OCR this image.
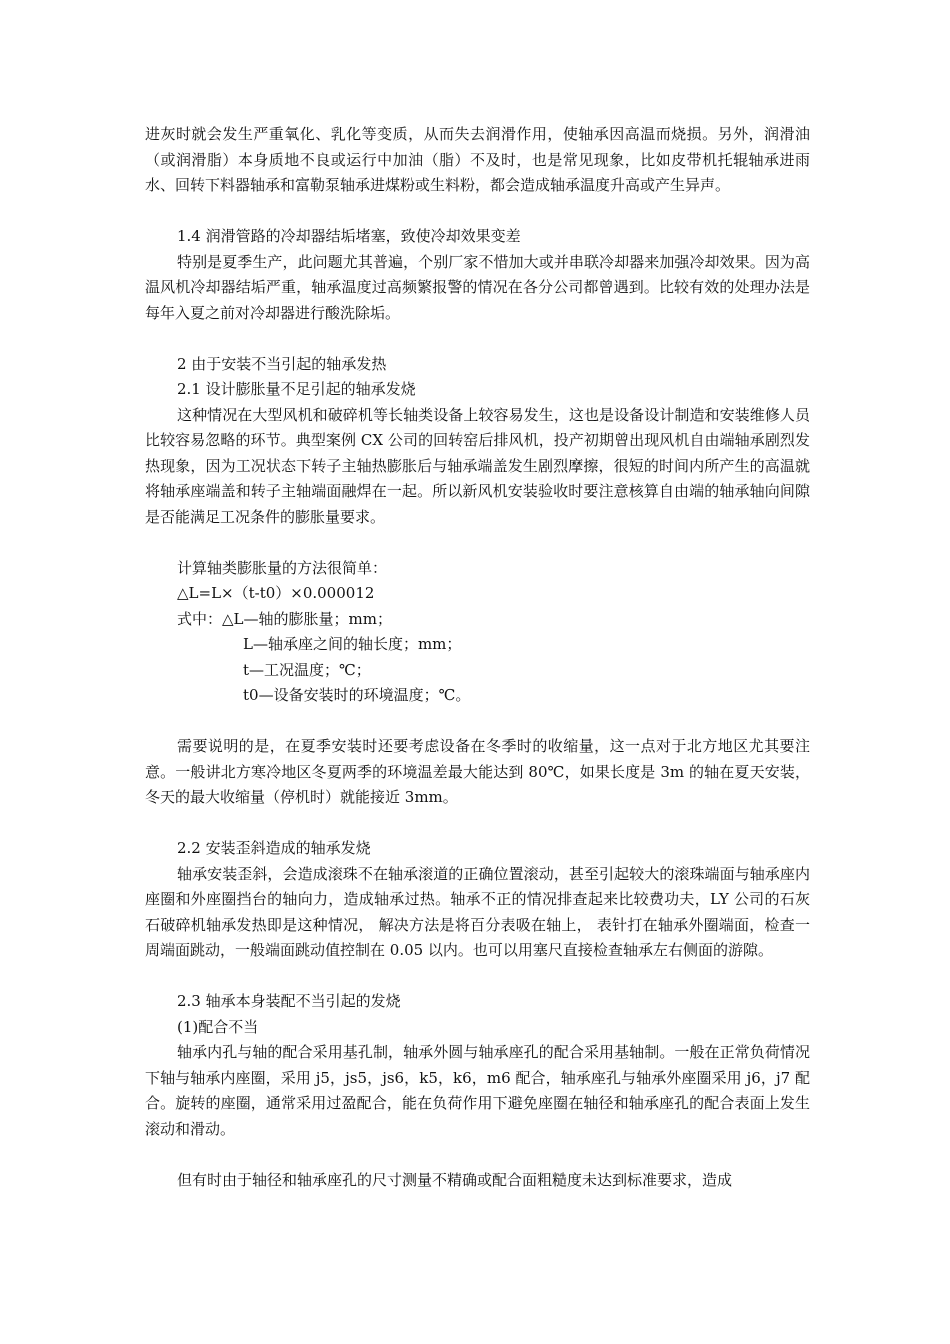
进灰时就会发生严重氧化、乳化等变质，从而失去润滑作用，使轴承因高温而烧损。另外，润滑油（或润滑脂）本身质地不良或运行中加油（脂）不及时，也是常见现象，比如皮带机托辊轴承进雨水、回转下料器轴承和富勒泵轴承进煤粉或生料粉，都会造成轴承温度升高或产生异声。

1.4 润滑管路的冷却器结垢堵塞，致使冷却效果变差

特别是夏季生产，此问题尤其普遍，个别厂家不惜加大或并串联冷却器来加强冷却效果。因为高温风机冷却器结垢严重，轴承温度过高频繁报警的情况在各分公司都曾遇到。比较有效的处理办法是每年入夏之前对冷却器进行酸洗除垢。

2 由于安装不当引起的轴承发热

2.1 设计膨胀量不足引起的轴承发烧

这种情况在大型风机和破碎机等长轴类设备上较容易发生，这也是设备设计制造和安装维修人员比较容易忽略的环节。典型案例 CX 公司的回转窑后排风机，投产初期曾出现风机自由端轴承剧烈发热现象，因为工况状态下转子主轴热膨胀后与轴承端盖发生剧烈摩擦，很短的时间内所产生的高温就将轴承座端盖和转子主轴端面融焊在一起。所以新风机安装验收时要注意核算自由端的轴承轴向间隙是否能满足工况条件的膨胀量要求。

计算轴类膨胀量的方法很简单：

△L=L×（t-t0）×0.000012

式中：△L—轴的膨胀量；mm；

L—轴承座之间的轴长度；mm；

t—工况温度；℃；

t0—设备安装时的环境温度；℃。

需要说明的是，在夏季安装时还要考虑设备在冬季时的收缩量，这一点对于北方地区尤其要注意。一般讲北方寒冷地区冬夏两季的环境温差最大能达到 80℃，如果长度是 3m 的轴在夏天安装，冬天的最大收缩量（停机时）就能接近 3mm。

2.2 安装歪斜造成的轴承发烧

轴承安装歪斜，会造成滚珠不在轴承滚道的正确位置滚动，甚至引起较大的滚珠端面与轴承座内座圈和外座圈挡台的轴向力，造成轴承过热。轴承不正的情况排查起来比较费功夫，LY 公司的石灰石破碎机轴承发热即是这种情况， 解决方法是将百分表吸在轴上， 表针打在轴承外圈端面，检查一周端面跳动，一般端面跳动值控制在 0.05 以内。也可以用塞尺直接检查轴承左右侧面的游隙。

2.3 轴承本身装配不当引起的发烧

(1)配合不当

轴承内孔与轴的配合采用基孔制，轴承外圆与轴承座孔的配合采用基轴制。一般在正常负荷情况下轴与轴承内座圈，采用 j5，js5，js6，k5，k6，m6 配合，轴承座孔与轴承外座圈采用 j6，j7 配合。旋转的座圈，通常采用过盈配合，能在负荷作用下避免座圈在轴径和轴承座孔的配合表面上发生滚动和滑动。

但有时由于轴径和轴承座孔的尺寸测量不精确或配合面粗糙度未达到标准要求，造成
